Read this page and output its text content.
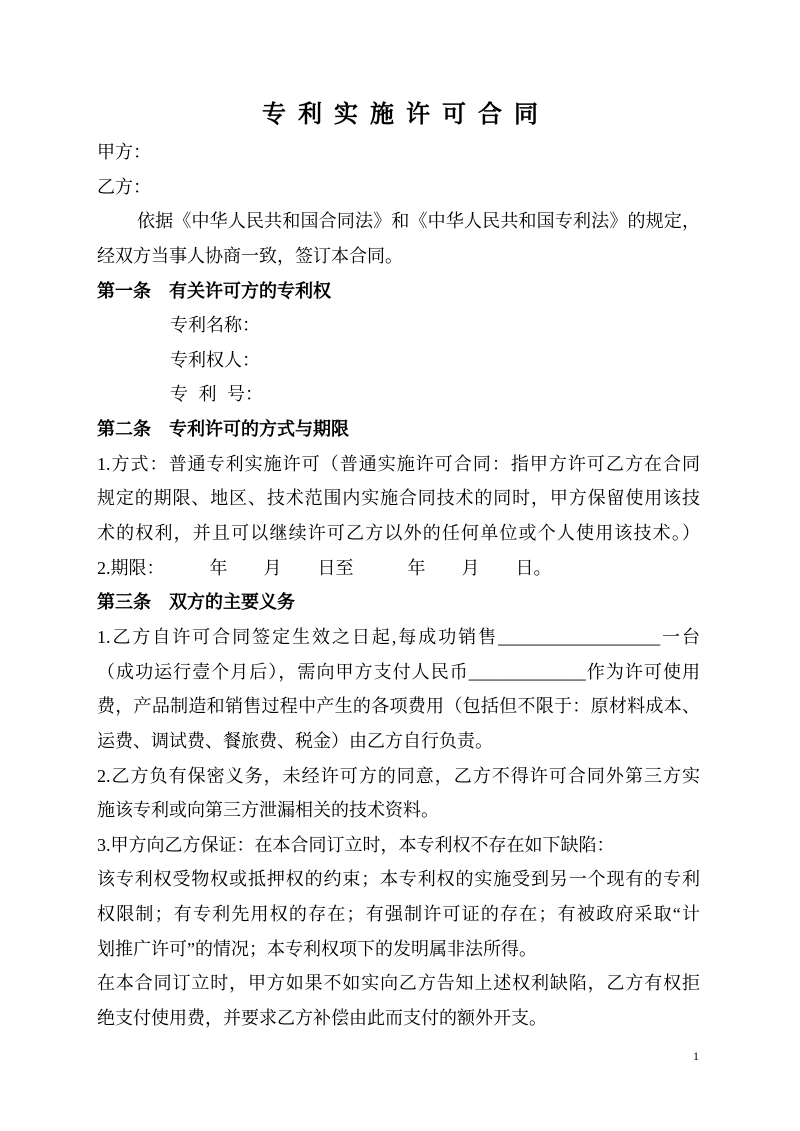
专 利 实 施 许 可 合 同
甲方：
乙方：
依据《中华人民共和国合同法》和《中华人民共和国专利法》的规定，
经双方当事人协商一致，签订本合同。
第一条　有关许可方的专利权
专利名称：
专利权人：
专 利 号：
第二条　专利许可的方式与期限
1.方式：普通专利实施许可（普通实施许可合同：指甲方许可乙方在合同
规定的期限、地区、技术范围内实施合同技术的同时，甲方保留使用该技
术的权利，并且可以继续许可乙方以外的任何单位或个人使用该技术。）
2.期限：　　　年　　月　　日至　　　年　　月　　日。
第三条　双方的主要义务
1.乙方自许可合同签定生效之日起,每成功销售__________________一台
（成功运行壹个月后），需向甲方支付人民币_____________作为许可使用
费，产品制造和销售过程中产生的各项费用（包括但不限于：原材料成本、
运费、调试费、餐旅费、税金）由乙方自行负责。
2.乙方负有保密义务，未经许可方的同意，乙方不得许可合同外第三方实
施该专利或向第三方泄漏相关的技术资料。
3.甲方向乙方保证：在本合同订立时，本专利权不存在如下缺陷：
该专利权受物权或抵押权的约束；本专利权的实施受到另一个现有的专利
权限制；有专利先用权的存在；有强制许可证的存在；有被政府采取“计
划推广许可”的情况；本专利权项下的发明属非法所得。
在本合同订立时，甲方如果不如实向乙方告知上述权利缺陷，乙方有权拒
绝支付使用费，并要求乙方补偿由此而支付的额外开支。
1
